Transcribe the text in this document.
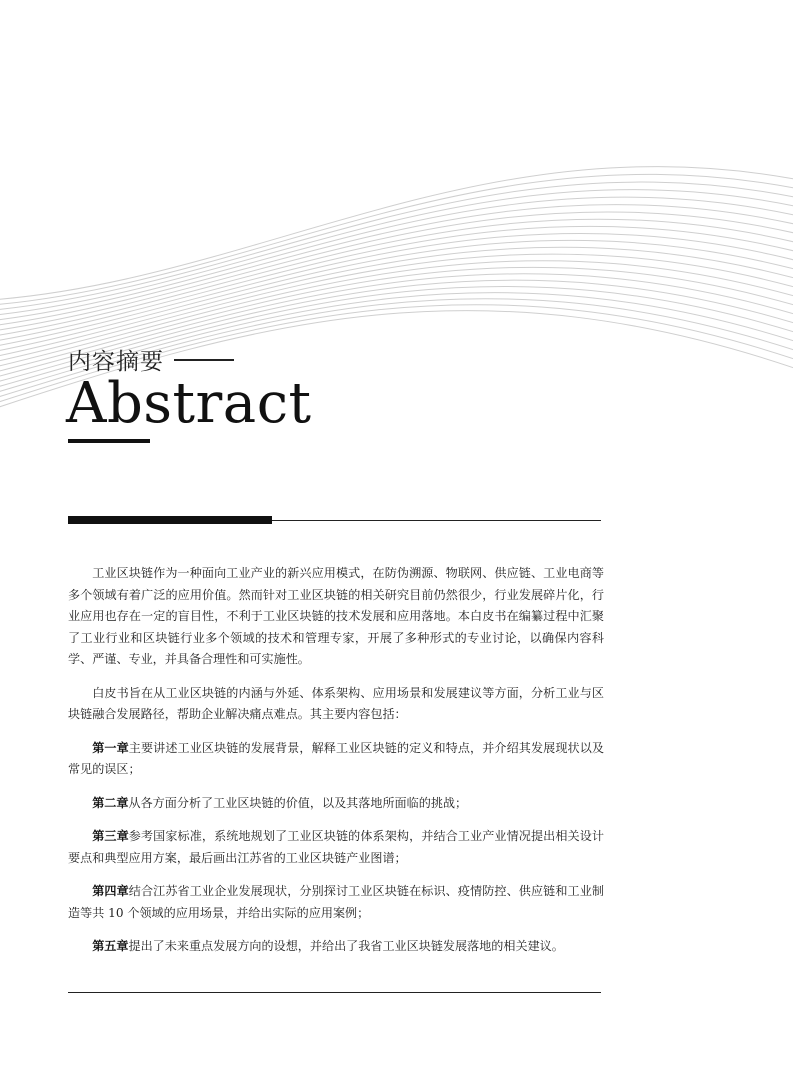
内容摘要
Abstract

工业区块链作为一种面向工业产业的新兴应用模式，在防伪溯源、物联网、供应链、工业电商等多个领域有着广泛的应用价值。然而针对工业区块链的相关研究目前仍然很少，行业发展碎片化，行业应用也存在一定的盲目性，不利于工业区块链的技术发展和应用落地。本白皮书在编纂过程中汇聚了工业行业和区块链行业多个领域的技术和管理专家，开展了多种形式的专业讨论，以确保内容科学、严谨、专业，并具备合理性和可实施性。

白皮书旨在从工业区块链的内涵与外延、体系架构、应用场景和发展建议等方面，分析工业与区块链融合发展路径，帮助企业解决痛点难点。其主要内容包括：

第一章主要讲述工业区块链的发展背景，解释工业区块链的定义和特点，并介绍其发展现状以及常见的误区；

第二章从各方面分析了工业区块链的价值，以及其落地所面临的挑战；

第三章参考国家标准，系统地规划了工业区块链的体系架构，并结合工业产业情况提出相关设计要点和典型应用方案，最后画出江苏省的工业区块链产业图谱；

第四章结合江苏省工业企业发展现状，分别探讨工业区块链在标识、疫情防控、供应链和工业制造等共 10 个领域的应用场景，并给出实际的应用案例；

第五章提出了未来重点发展方向的设想，并给出了我省工业区块链发展落地的相关建议。
